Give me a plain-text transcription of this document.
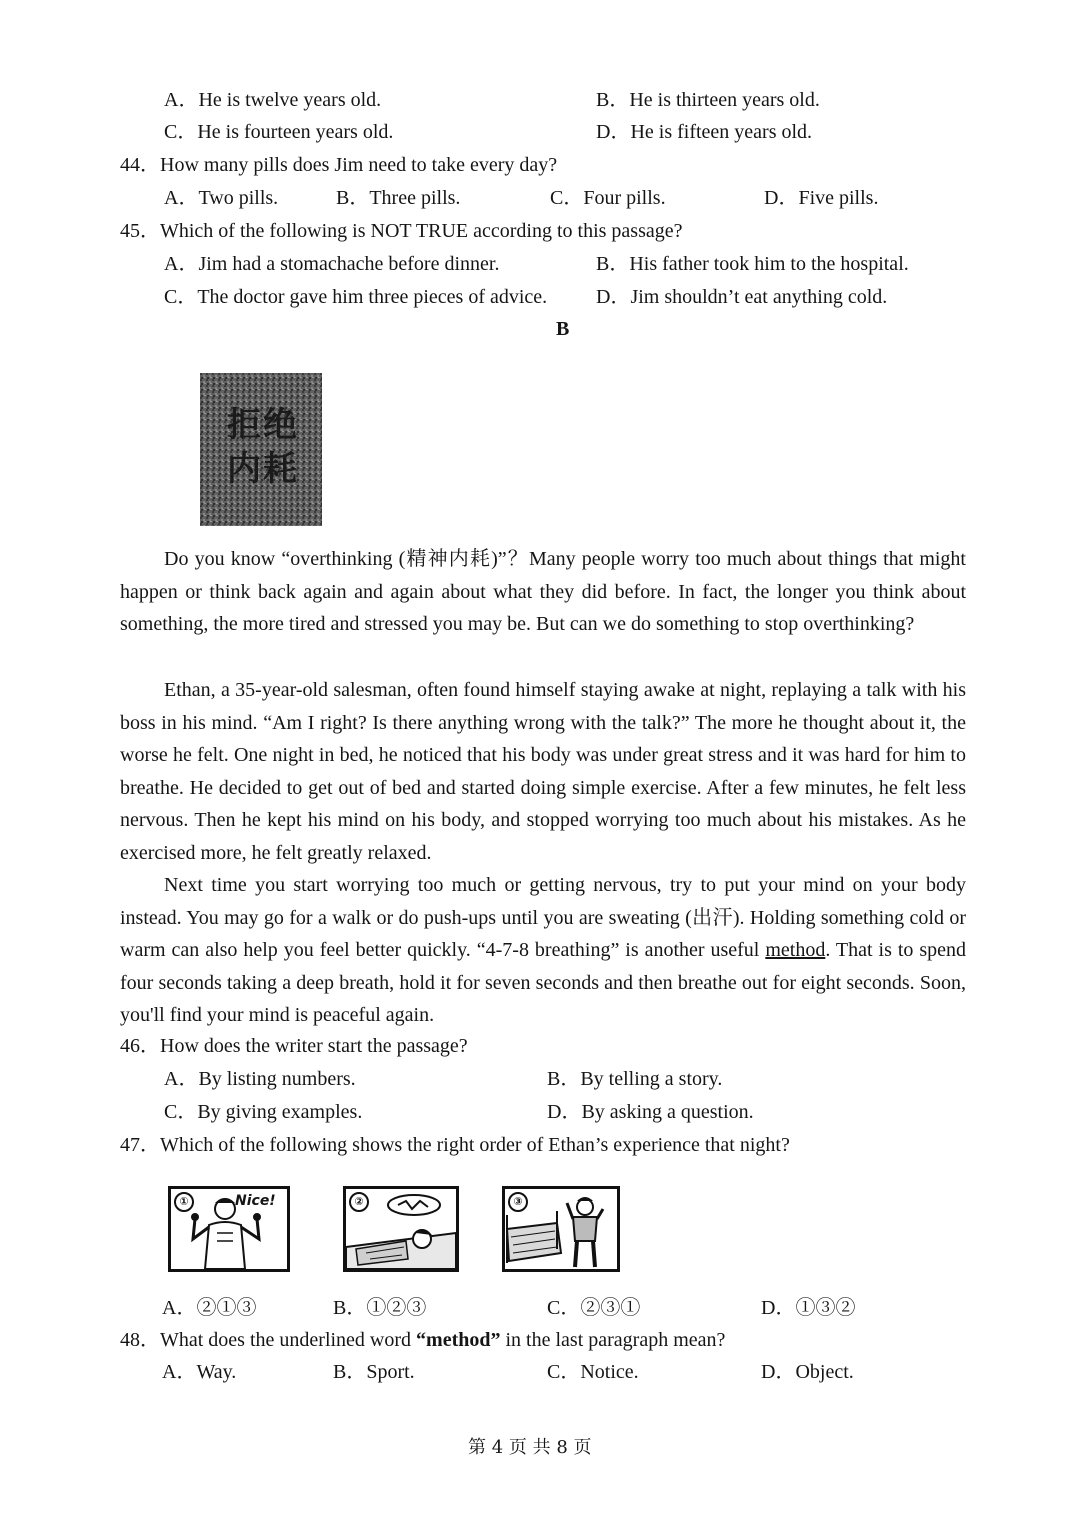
A．He is twelve years old.	B．He is thirteen years old.
C．He is fourteen years old.	D．He is fifteen years old.
44．How many pills does Jim need to take every day?
A．Two pills.	B．Three pills.	C．Four pills.	D．Five pills.
45．Which of the following is NOT TRUE according to this passage?
A．Jim had a stomachache before dinner.	B．His father took him to the hospital.
C．The doctor gave him three pieces of advice. D．Jim shouldn’t eat anything cold.
B
拒绝 内耗
Do you know “overthinking (精神内耗)”？Many people worry too much about things that might happen or think back again and again about what they did before. In fact, the longer you think about something, the more tired and stressed you may be. But can we do something to stop overthinking?
Ethan, a 35-year-old salesman, often found himself staying awake at night, replaying a talk with his boss in his mind. “Am I right? Is there anything wrong with the talk?” The more he thought about it, the worse he felt. One night in bed, he noticed that his body was under great stress and it was hard for him to breathe. He decided to get out of bed and started doing simple exercise. After a few minutes, he felt less nervous. Then he kept his mind on his body, and stopped worrying too much about his mistakes. As he exercised more, he felt greatly relaxed.
Next time you start worrying too much or getting nervous, try to put your mind on your body instead. You may go for a walk or do push-ups until you are sweating (出汗). Holding something cold or warm can also help you feel better quickly. “4-7-8 breathing” is another useful method. That is to spend four seconds taking a deep breath, hold it for seven seconds and then breathe out for eight seconds. Soon, you'll find your mind is peaceful again.
46．How does the writer start the passage?
A．By listing numbers.	B．By telling a story.
C．By giving examples.	D．By asking a question.
47．Which of the following shows the right order of Ethan’s experience that night?
①	Nice!	②	③
A．②①③	B．①②③	C．②③①	D．①③②
48．What does the underlined word “method” in the last paragraph mean?
A．Way.	B．Sport.	C．Notice.	D．Object.
第 4 页 共 8 页
